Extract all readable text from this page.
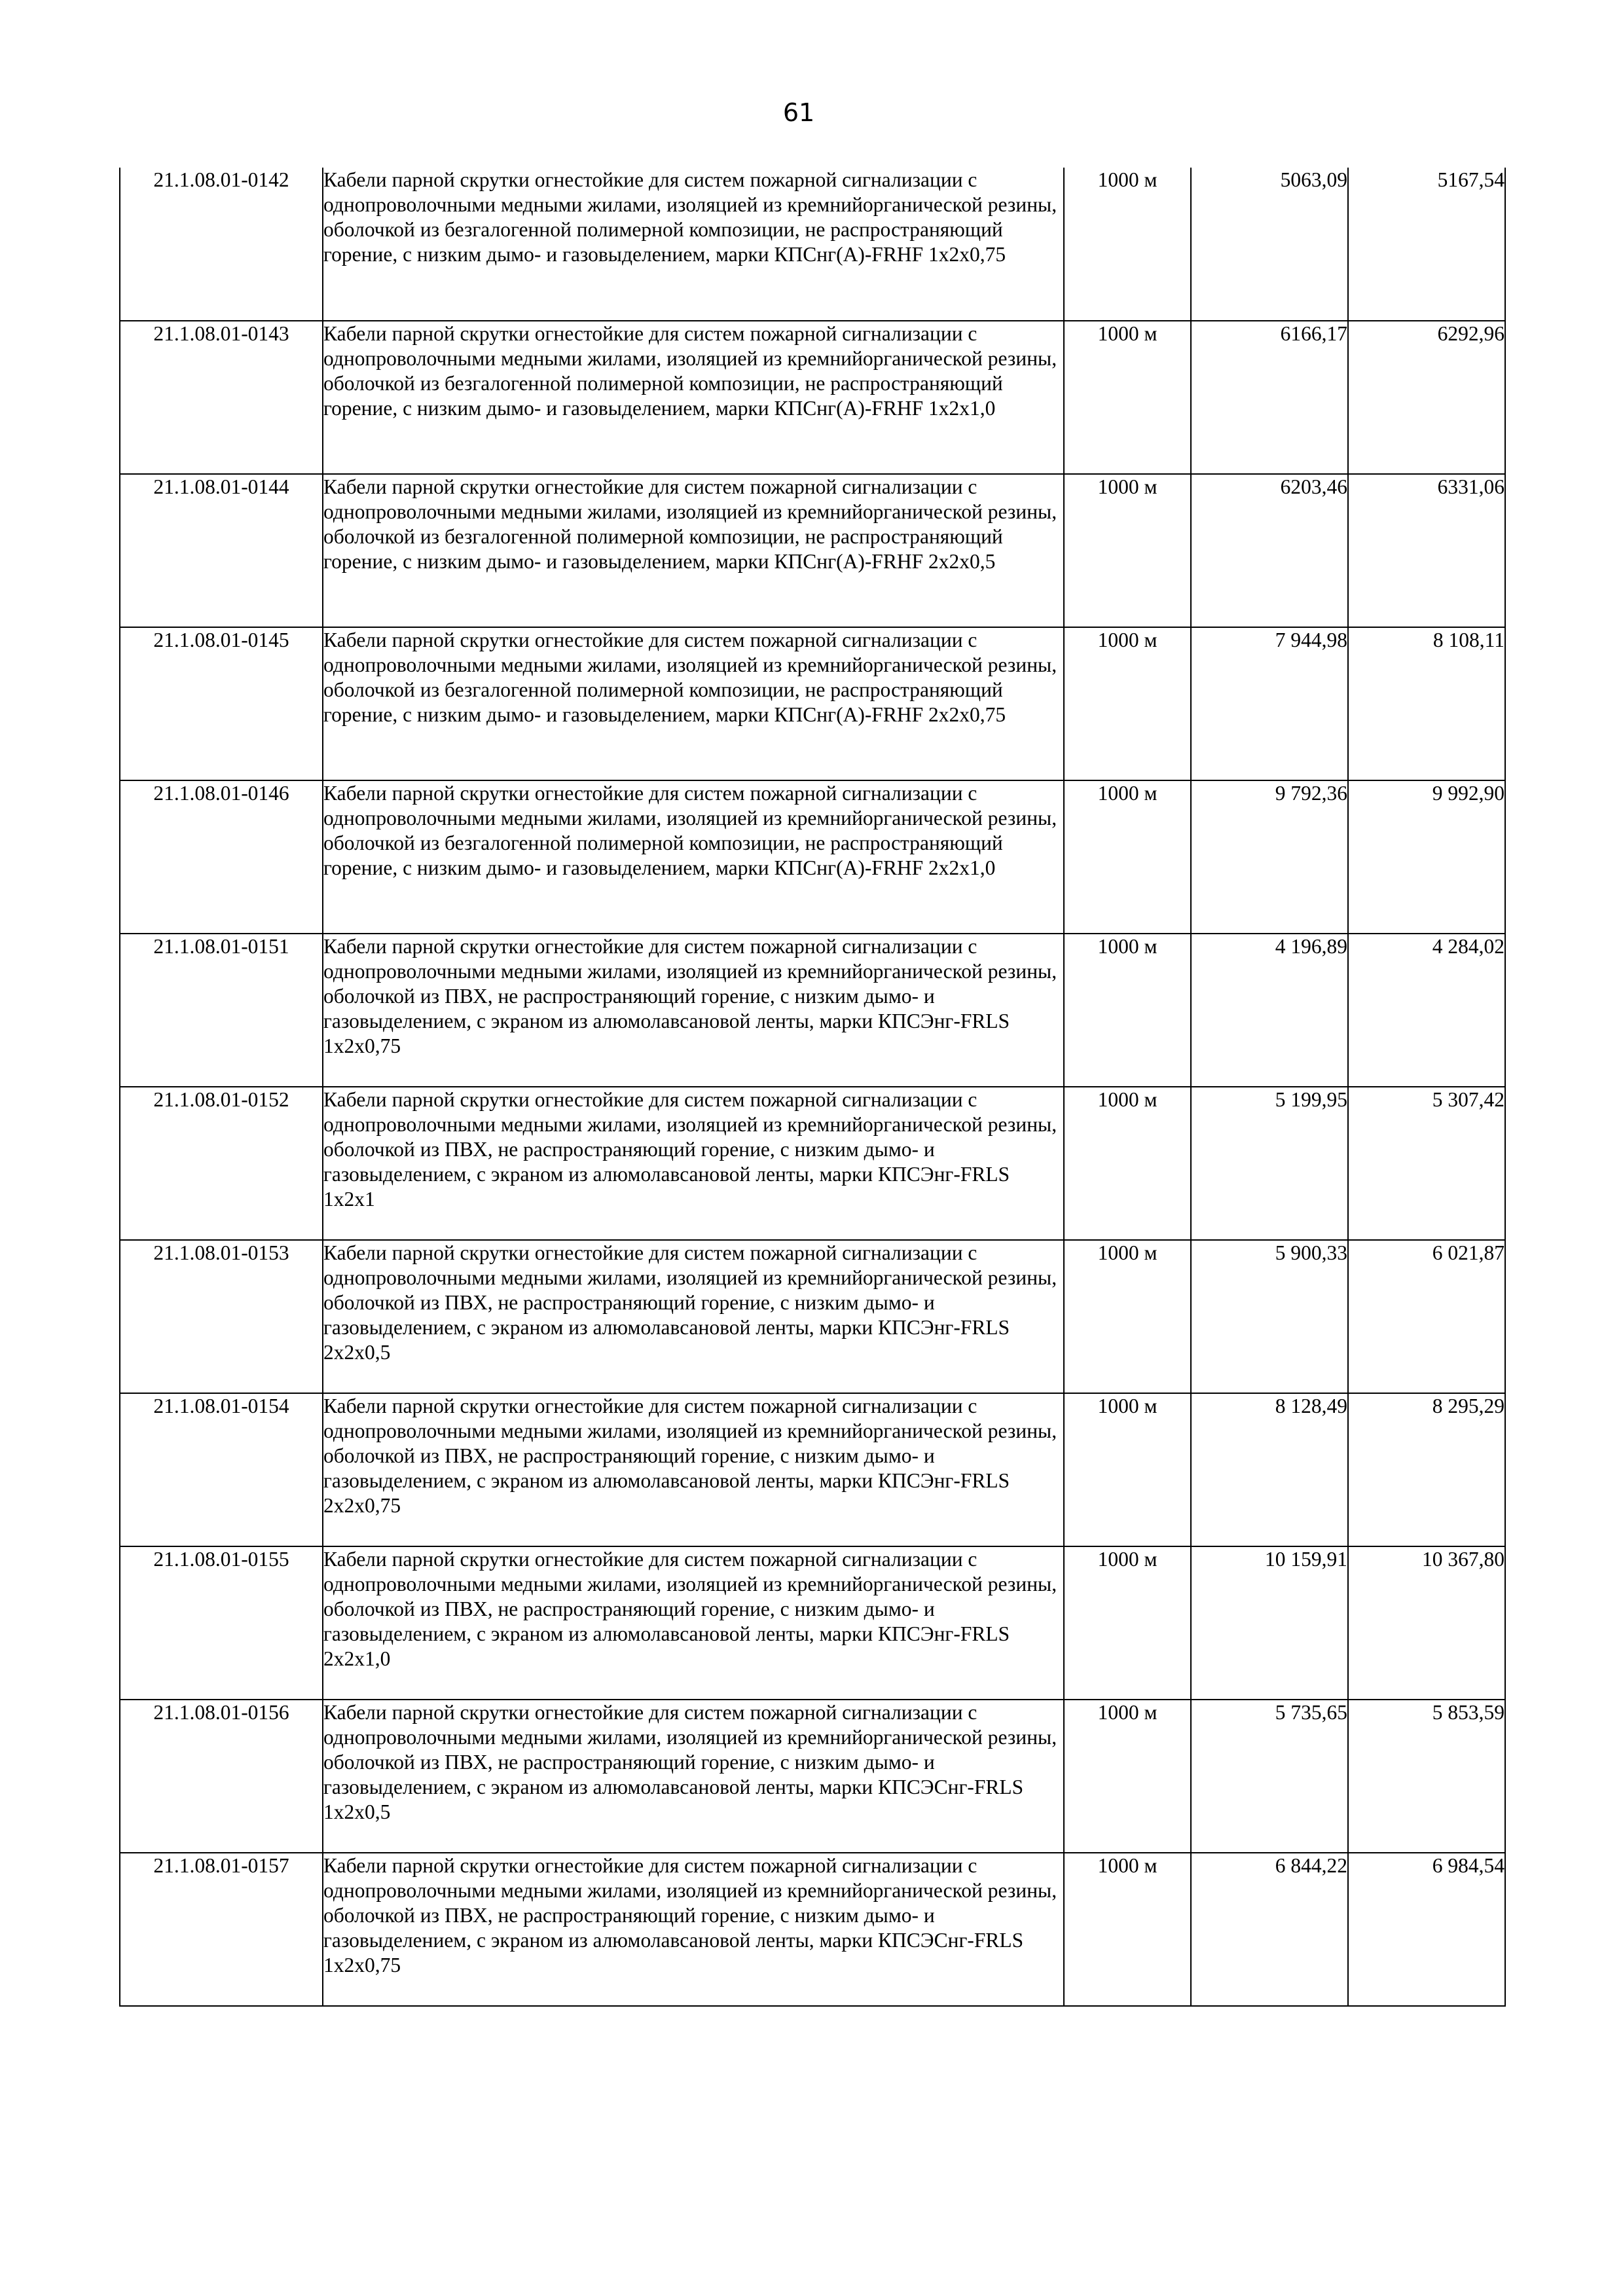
61
21.1.08.01-0142	Кабели парной скрутки огнестойкие для систем пожарной сигнализации с однопроволочными медными жилами, изоляцией из кремнийорганической резины, оболочкой из безгалогенной полимерной композиции, не распространяющий горение, с низким дымо- и газовыделением, марки КПСнг(А)-FRHF 1x2x0,75	1000 м	5063,09	5167,54
21.1.08.01-0143	Кабели парной скрутки огнестойкие для систем пожарной сигнализации с однопроволочными медными жилами, изоляцией из кремнийорганической резины, оболочкой из безгалогенной полимерной композиции, не распространяющий горение, с низким дымо- и газовыделением, марки КПСнг(А)-FRHF 1x2x1,0	1000 м	6166,17	6292,96
21.1.08.01-0144	Кабели парной скрутки огнестойкие для систем пожарной сигнализации с однопроволочными медными жилами, изоляцией из кремнийорганической резины, оболочкой из безгалогенной полимерной композиции, не распространяющий горение, с низким дымо- и газовыделением, марки КПСнг(А)-FRHF 2x2x0,5	1000 м	6203,46	6331,06
21.1.08.01-0145	Кабели парной скрутки огнестойкие для систем пожарной сигнализации с однопроволочными медными жилами, изоляцией из кремнийорганической резины, оболочкой из безгалогенной полимерной композиции, не распространяющий горение, с низким дымо- и газовыделением, марки КПСнг(А)-FRHF 2x2x0,75	1000 м	7 944,98	8 108,11
21.1.08.01-0146	Кабели парной скрутки огнестойкие для систем пожарной сигнализации с однопроволочными медными жилами, изоляцией из кремнийорганической резины, оболочкой из безгалогенной полимерной композиции, не распространяющий горение, с низким дымо- и газовыделением, марки КПСнг(А)-FRHF 2x2x1,0	1000 м	9 792,36	9 992,90
21.1.08.01-0151	Кабели парной скрутки огнестойкие для систем пожарной сигнализации с однопроволочными медными жилами, изоляцией из кремнийорганической резины, оболочкой из ПВХ, не распространяющий горение, с низким дымо- и газовыделением, с экраном из алюмолавсановой ленты, марки КПСЭнг-FRLS 1x2x0,75	1000 м	4 196,89	4 284,02
21.1.08.01-0152	Кабели парной скрутки огнестойкие для систем пожарной сигнализации с однопроволочными медными жилами, изоляцией из кремнийорганической резины, оболочкой из ПВХ, не распространяющий горение, с низким дымо- и газовыделением, с экраном из алюмолавсановой ленты, марки КПСЭнг-FRLS 1x2x1	1000 м	5 199,95	5 307,42
21.1.08.01-0153	Кабели парной скрутки огнестойкие для систем пожарной сигнализации с однопроволочными медными жилами, изоляцией из кремнийорганической резины, оболочкой из ПВХ, не распространяющий горение, с низким дымо- и газовыделением, с экраном из алюмолавсановой ленты, марки КПСЭнг-FRLS 2x2x0,5	1000 м	5 900,33	6 021,87
21.1.08.01-0154	Кабели парной скрутки огнестойкие для систем пожарной сигнализации с однопроволочными медными жилами, изоляцией из кремнийорганической резины, оболочкой из ПВХ, не распространяющий горение, с низким дымо- и газовыделением, с экраном из алюмолавсановой ленты, марки КПСЭнг-FRLS 2x2x0,75	1000 м	8 128,49	8 295,29
21.1.08.01-0155	Кабели парной скрутки огнестойкие для систем пожарной сигнализации с однопроволочными медными жилами, изоляцией из кремнийорганической резины, оболочкой из ПВХ, не распространяющий горение, с низким дымо- и газовыделением, с экраном из алюмолавсановой ленты, марки КПСЭнг-FRLS 2x2x1,0	1000 м	10 159,91	10 367,80
21.1.08.01-0156	Кабели парной скрутки огнестойкие для систем пожарной сигнализации с однопроволочными медными жилами, изоляцией из кремнийорганической резины, оболочкой из ПВХ, не распространяющий горение, с низким дымо- и газовыделением, с экраном из алюмолавсановой ленты, марки КПСЭСнг-FRLS 1x2x0,5	1000 м	5 735,65	5 853,59
21.1.08.01-0157	Кабели парной скрутки огнестойкие для систем пожарной сигнализации с однопроволочными медными жилами, изоляцией из кремнийорганической резины, оболочкой из ПВХ, не распространяющий горение, с низким дымо- и газовыделением, с экраном из алюмолавсановой ленты, марки КПСЭСнг-FRLS 1x2x0,75	1000 м	6 844,22	6 984,54
